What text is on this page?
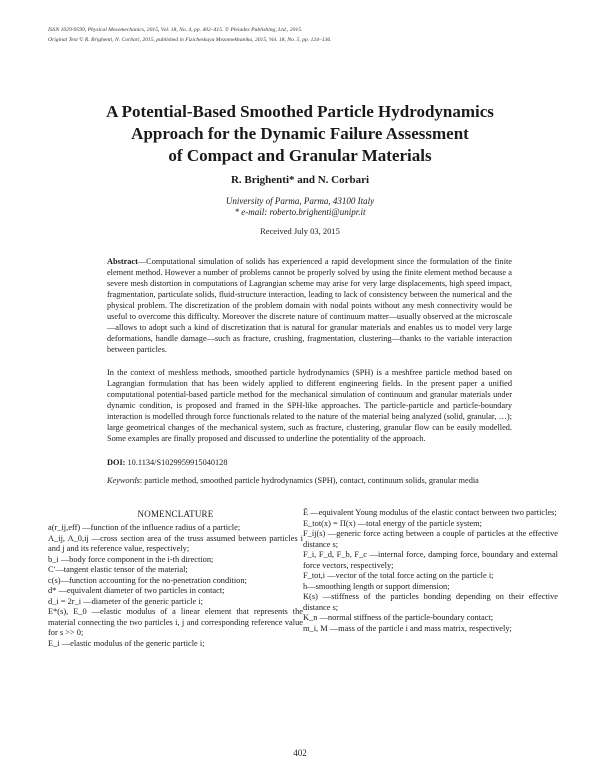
ISSN 1029-9599, Physical Mesomechanics, 2015, Vol. 18, No. 4, pp. 402–415. © Pleiades Publishing, Ltd., 2015.
Original Text © R. Brighenti, N. Corbari, 2015, published in Fizicheskaya Mezomekhanika, 2015, Vol. 18, No. 5, pp. 124–136.
A Potential-Based Smoothed Particle Hydrodynamics
Approach for the Dynamic Failure Assessment
of Compact and Granular Materials
R. Brighenti* and N. Corbari
University of Parma, Parma, 43100 Italy
* e-mail: roberto.brighenti@unipr.it
Received July 03, 2015

Abstract—Computational simulation of solids has experienced a rapid development since the formulation of the finite element method. However a number of problems cannot be properly solved by using the finite element method because a severe mesh distortion in computations of Lagrangian scheme may arise for very large displacements, high speed impact, fragmentation, particulate solids, fluid-structure interaction, leading to lack of consistency between the numerical and the physical problem. The discretization of the problem domain with nodal points without any mesh connectivity would be useful to overcome this difficulty. Moreover the discrete nature of continuum matter—usually observed at the microscale—allows to adopt such a kind of discretization that is natural for granular materials and enables us to model very large deformations, handle damage—such as fracture, crushing, fragmentation, clustering—thanks to the variable interaction between particles.

In the context of meshless methods, smoothed particle hydrodynamics (SPH) is a meshfree particle method based on Lagrangian formulation that has been widely applied to different engineering fields. In the present paper a unified computational potential-based particle method for the mechanical simulation of continuum and granular materials under dynamic condition, is proposed and framed in the SPH-like approaches. The particle-particle and particle-boundary interaction is modelled through force functionals related to the nature of the material being analyzed (solid, granular, …); large geometrical changes of the mechanical system, such as fracture, clustering, granular flow can be easily modelled. Some examples are finally proposed and discussed to underline the potentiality of the approach.

DOI: 10.1134/S1029959915040128
Keywords: particle method, smoothed particle hydrodynamics (SPH), contact, continuum solids, granular media
NOMENCLATURE

a(r_ij,eff) —function of the influence radius of a particle;

A_ij, A_0,ij —cross section area of the truss assumed between particles i and j and its reference value, respectively;

b_i —body force component in the i-th direction;

C′—tangent elastic tensor of the material;

c(s)—function accounting for the no-penetration condition;

d* —equivalent diameter of two particles in contact;

d_i = 2r_i —diameter of the generic particle i;

E*(s), E_0 —elastic modulus of a linear element that represents the material connecting the two particles i, j and corresponding reference value for s >> 0;

E_i —elastic modulus of the generic particle i;

Ē —equivalent Young modulus of the elastic contact between two particles;

E_tot(x) = Π(x) —total energy of the particle system;

F_ij(s) —generic force acting between a couple of particles at the effective distance s;

F_i, F_d, F_b, F_c —internal force, damping force, boundary and external force vectors, respectively;

F_tot,i —vector of the total force acting on the particle i;

h—smoothing length or support dimension;

K(s) —stiffness of the particles bonding depending on their effective distance s;

K_n —normal stiffness of the particle-boundary contact;

m_i, M —mass of the particle i and mass matrix, respectively;

402
